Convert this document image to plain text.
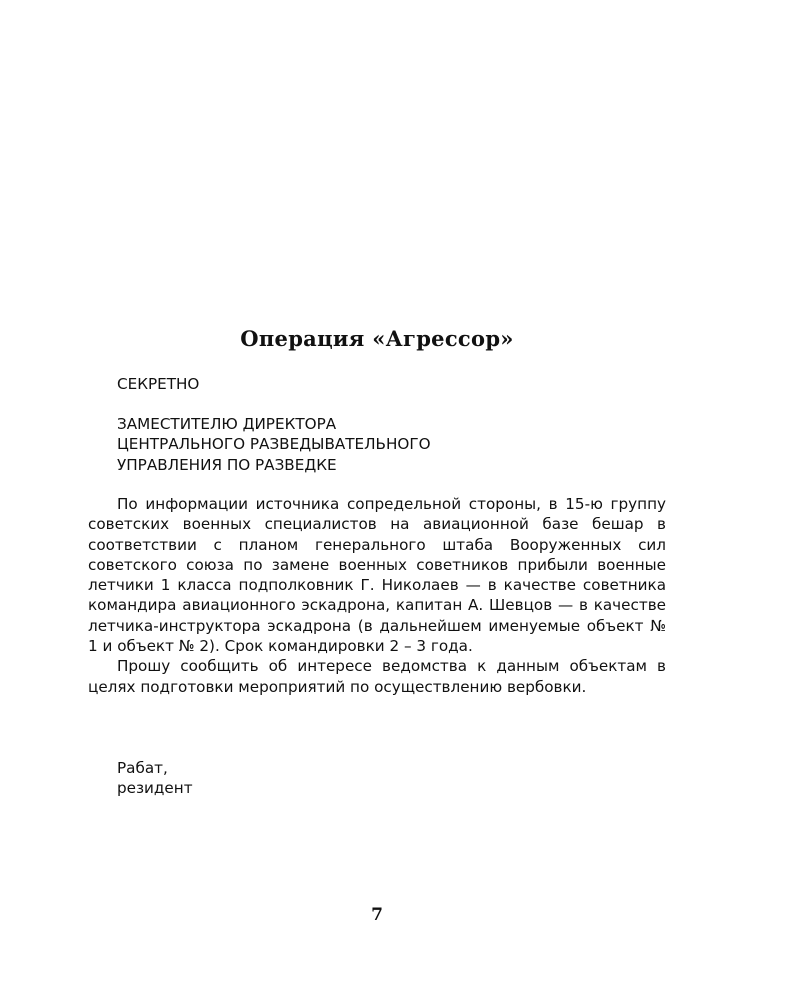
Операция «Агрессор»
СЕКРЕТНО
ЗАМЕСТИТЕЛЮ ДИРЕКТОРА
ЦЕНТРАЛЬНОГО РАЗВЕДЫВАТЕЛЬНОГО
УПРАВЛЕНИЯ ПО РАЗВЕДКЕ

По информации источника сопредельной стороны, в 15-ю группу советских военных специалистов на авиационной базе бешар в соответствии с планом генерального штаба Вооруженных сил советского союза по замене военных советников прибыли военные летчики 1 класса подполковник Г. Николаев — в качестве советника командира авиационного эскадрона, капитан А. Шевцов — в качестве летчика-инструктора эскадрона (в дальнейшем именуемые объект № 1 и объект № 2). Срок командировки 2 – 3 года.

Прошу сообщить об интересе ведомства к данным объектам в целях подготовки мероприятий по осуществлению вербовки.

Рабат,
резидент
7
